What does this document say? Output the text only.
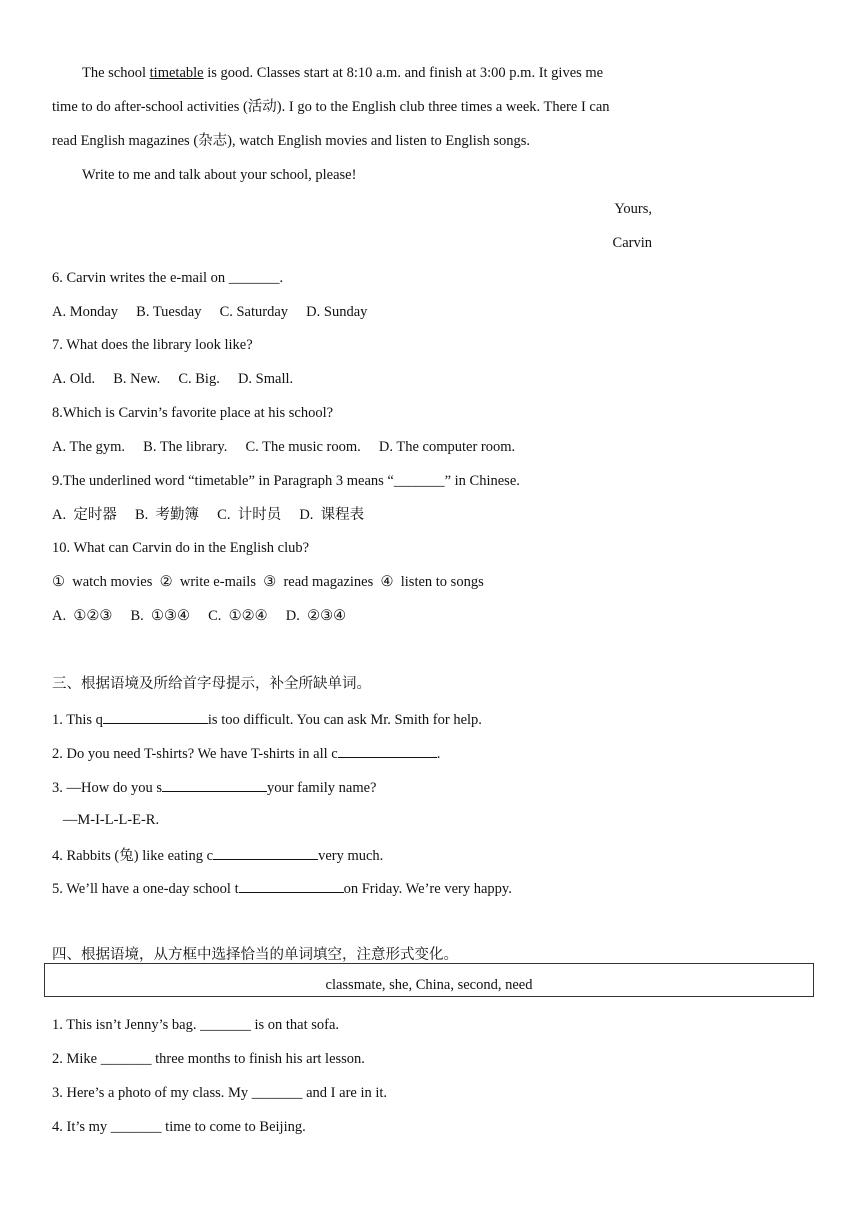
The school timetable is good. Classes start at 8:10 a.m. and finish at 3:00 p.m. It gives me
time to do after-school activities (活动). I go to the English club three times a week. There I can
read English magazines (杂志), watch English movies and listen to English songs.
Write to me and talk about your school, please!
Yours,
Carvin
6. Carvin writes the e-mail on _______.
A. Monday     B. Tuesday     C. Saturday     D. Sunday
7. What does the library look like?
A. Old.     B. New.     C. Big.     D. Small.
8.Which is Carvin’s favorite place at his school?
A. The gym.     B. The library.     C. The music room.     D. The computer room.
9.The underlined word “timetable” in Paragraph 3 means “_______” in Chinese.
A.  定时器     B.  考勤簿     C.  计时员     D.  课程表
10. What can Carvin do in the English club?
①  watch movies  ②  write e-mails  ③  read magazines  ④  listen to songs
A.  ①②③     B.  ①③④     C.  ①②④     D.  ②③④
三、根据语境及所给首字母提示，补全所缺单词。
1. This q	is too difficult. You can ask Mr. Smith for help.
2. Do you need T-shirts? We have T-shirts in all c	.
3. —How do you s	your family name?
—M-I-L-L-E-R.
4. Rabbits (兔) like eating c	very much.
5. We’ll have a one-day school t	on Friday. We’re very happy.
四、根据语境，从方框中选择恰当的单词填空，注意形式变化。
classmate, she, China, second, need
1. This isn’t Jenny’s bag. _______ is on that sofa.
2. Mike _______ three months to finish his art lesson.
3. Here’s a photo of my class. My _______ and I are in it.
4. It’s my _______ time to come to Beijing.
